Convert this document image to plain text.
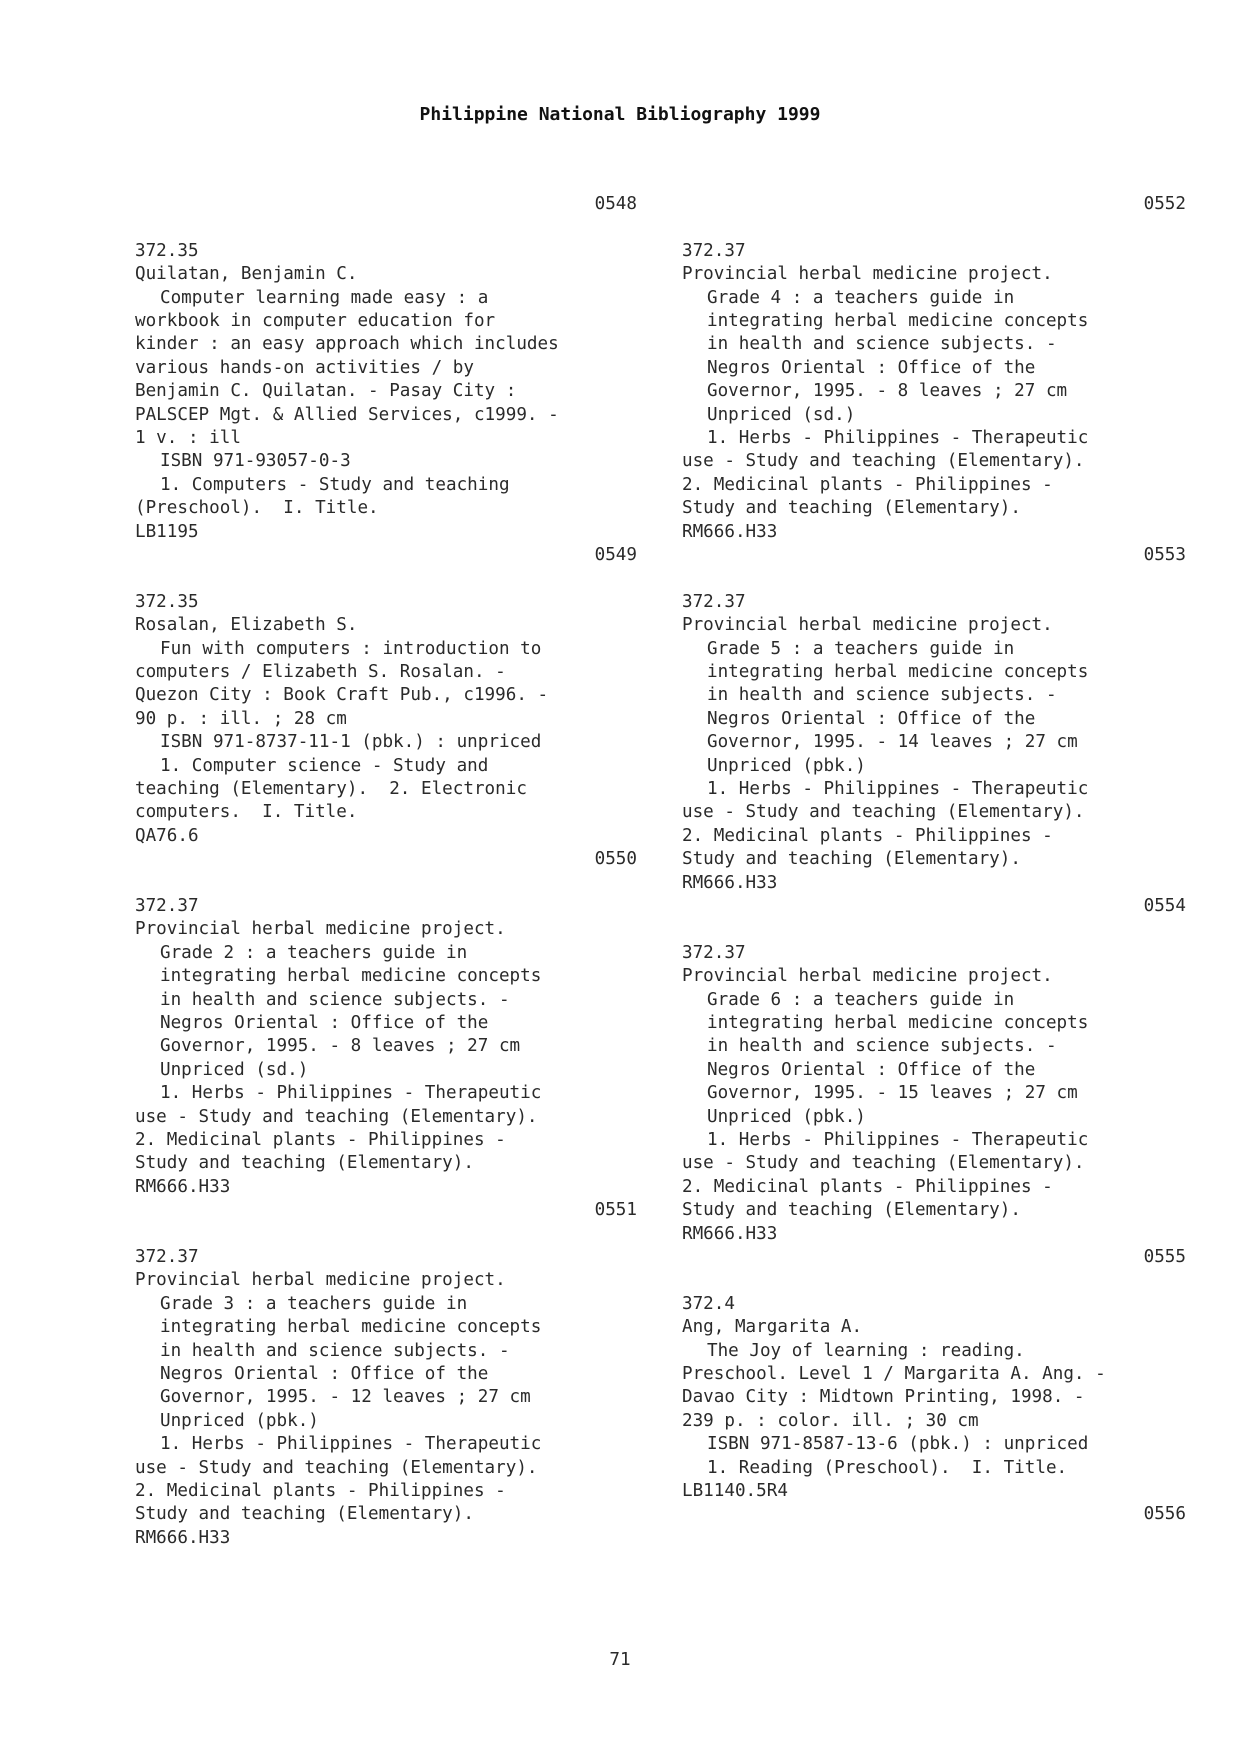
Philippine National Bibliography 1999
0548
372.35
Quilatan, Benjamin C.
Computer learning made easy : a
workbook in computer education for
kinder : an easy approach which includes
various hands-on activities / by
Benjamin C. Quilatan. - Pasay City :
PALSCEP Mgt. & Allied Services, c1999. -
1 v. : ill
ISBN 971-93057-0-3
1. Computers - Study and teaching
(Preschool).  I. Title.
LB1195
0549
372.35
Rosalan, Elizabeth S.
Fun with computers : introduction to
computers / Elizabeth S. Rosalan. -
Quezon City : Book Craft Pub., c1996. -
90 p. : ill. ; 28 cm
ISBN 971-8737-11-1 (pbk.) : unpriced
1. Computer science - Study and
teaching (Elementary).  2. Electronic
computers.  I. Title.
QA76.6
0550
372.37
Provincial herbal medicine project.
Grade 2 : a teachers guide in
integrating herbal medicine concepts
in health and science subjects. -
Negros Oriental : Office of the
Governor, 1995. - 8 leaves ; 27 cm
Unpriced (sd.)
1. Herbs - Philippines - Therapeutic
use - Study and teaching (Elementary).
2. Medicinal plants - Philippines -
Study and teaching (Elementary).
RM666.H33
0551
372.37
Provincial herbal medicine project.
Grade 3 : a teachers guide in
integrating herbal medicine concepts
in health and science subjects. -
Negros Oriental : Office of the
Governor, 1995. - 12 leaves ; 27 cm
Unpriced (pbk.)
1. Herbs - Philippines - Therapeutic
use - Study and teaching (Elementary).
2. Medicinal plants - Philippines -
Study and teaching (Elementary).
RM666.H33
0552
372.37
Provincial herbal medicine project.
Grade 4 : a teachers guide in
integrating herbal medicine concepts
in health and science subjects. -
Negros Oriental : Office of the
Governor, 1995. - 8 leaves ; 27 cm
Unpriced (sd.)
1. Herbs - Philippines - Therapeutic
use - Study and teaching (Elementary).
2. Medicinal plants - Philippines -
Study and teaching (Elementary).
RM666.H33
0553
372.37
Provincial herbal medicine project.
Grade 5 : a teachers guide in
integrating herbal medicine concepts
in health and science subjects. -
Negros Oriental : Office of the
Governor, 1995. - 14 leaves ; 27 cm
Unpriced (pbk.)
1. Herbs - Philippines - Therapeutic
use - Study and teaching (Elementary).
2. Medicinal plants - Philippines -
Study and teaching (Elementary).
RM666.H33
0554
372.37
Provincial herbal medicine project.
Grade 6 : a teachers guide in
integrating herbal medicine concepts
in health and science subjects. -
Negros Oriental : Office of the
Governor, 1995. - 15 leaves ; 27 cm
Unpriced (pbk.)
1. Herbs - Philippines - Therapeutic
use - Study and teaching (Elementary).
2. Medicinal plants - Philippines -
Study and teaching (Elementary).
RM666.H33
0555
372.4
Ang, Margarita A.
The Joy of learning : reading.
Preschool. Level 1 / Margarita A. Ang. -
Davao City : Midtown Printing, 1998. -
239 p. : color. ill. ; 30 cm
ISBN 971-8587-13-6 (pbk.) : unpriced
1. Reading (Preschool).  I. Title.
LB1140.5R4
0556
71
